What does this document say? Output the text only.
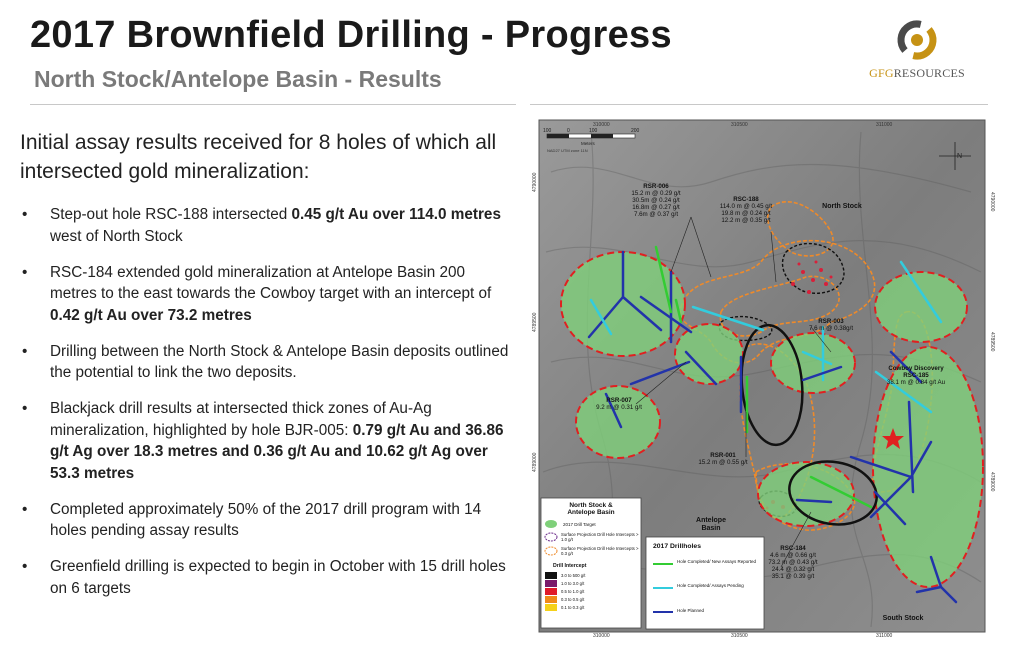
2017 Brownfield Drilling - Progress
North Stock/Antelope Basin - Results	GFGRESOURCES
Initial assay results received for 8 holes of which all intersected gold mineralization:
• Step-out hole RSC-188 intersected 0.45 g/t Au over 114.0 metres west of North Stock
• RSC-184 extended gold mineralization at Antelope Basin 200 metres to the east towards the Cowboy target with an intercept of 0.42 g/t Au over 73.2 metres
• Drilling between the North Stock & Antelope Basin deposits outlined the potential to link the two deposits.
• Blackjack drill results at intersected thick zones of Au-Ag mineralization, highlighted by hole BJR-005: 0.79 g/t Au and 36.86 g/t Ag over 18.3 metres and 0.36 g/t Au and 10.62 g/t Ag over 53.3 metres
• Completed approximately 50% of the 2017 drill program with 14 holes pending assay results
• Greenfield drilling is expected to begin in October with 15 drill holes on 6 targets
310000	310500	311000
310000	310500	311000
4790000
4789500
4789000
4790000
4789500
4789000
100	0	100	200
Meters
NAD27 UTM zone 11N
N
RSR-006
15.2 m @ 0.29 g/t
30.5m @ 0.24 g/t
16.8m @ 0.27 g/t
7.6m @ 0.37 g/t
RSC-188
114.0 m @ 0.45 g/t
19.8 m @ 0.24 g/t
12.2 m @ 0.35 g/t
North Stock
RSR-003
7.6 m @ 0.38g/t
Cowboy Discovery
RSC-185
38.1 m @ 0.84 g/t Au
RSR-007
9.2 m @ 0.31 g/t
RSR-001
15.2 m @ 0.55 g/t
Antelope
Basin
RSC-184
4.6 m @ 0.66 g/t
73.2 m @ 0.43 g/t
24.4 @ 0.32 g/t
35.1 @ 0.39 g/t
South Stock
North Stock &
Antelope Basin
2017 Drill Target
Surface Projection Drill Hole Intercepts > 1.0 g/t
Surface Projection Drill Hole Intercepts > 0.3 g/t
Drill Intercept
3.0 to 500 g/t
1.0 to 3.0 g/t
0.5 to 1.0 g/t
0.3 to 0.5 g/t
0.1 to 0.3 g/t
2017 Drillholes
Hole Completed/ New Assays Reported
Hole Completed/ Assays Pending
Hole Planned
